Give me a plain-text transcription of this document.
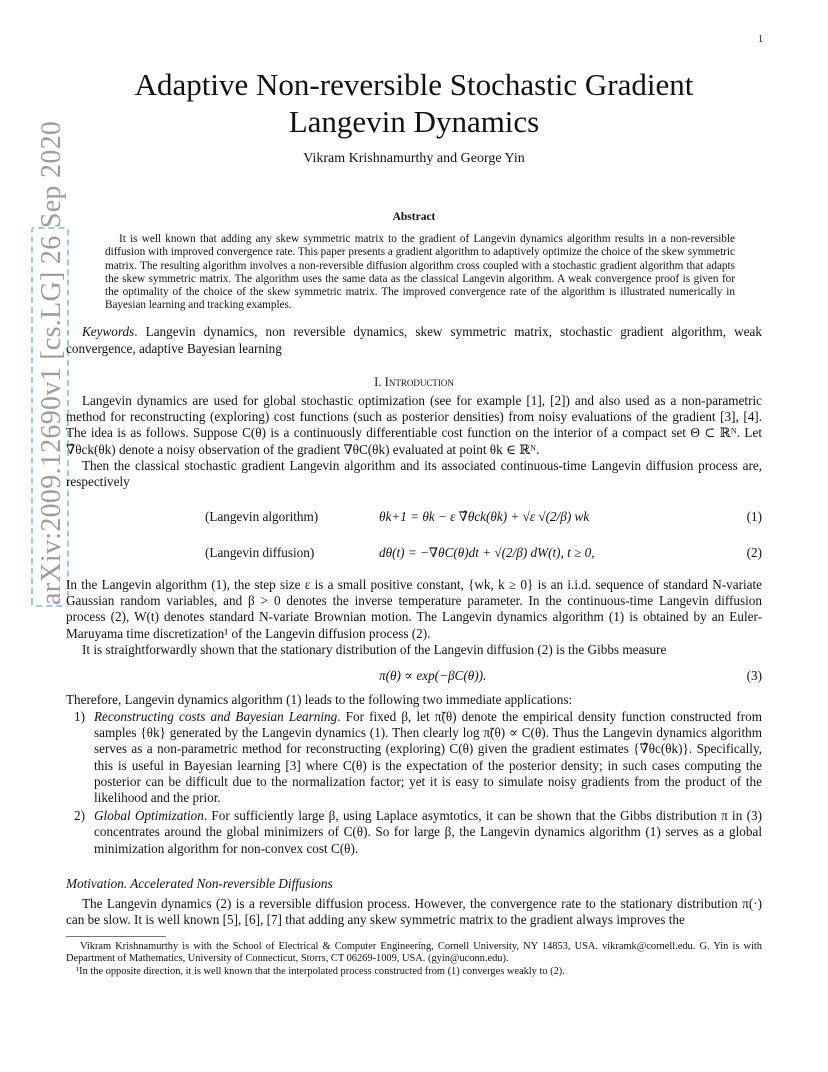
1
arXiv:2009.12690v1 [cs.LG] 26 Sep 2020
Adaptive Non-reversible Stochastic Gradient
Langevin Dynamics
Vikram Krishnamurthy and George Yin
Abstract
It is well known that adding any skew symmetric matrix to the gradient of Langevin dynamics algorithm results in a non-reversible diffusion with improved convergence rate. This paper presents a gradient algorithm to adaptively optimize the choice of the skew symmetric matrix. The resulting algorithm involves a non-reversible diffusion algorithm cross coupled with a stochastic gradient algorithm that adapts the skew symmetric matrix. The algorithm uses the same data as the classical Langevin algorithm. A weak convergence proof is given for the optimality of the choice of the skew symmetric matrix. The improved convergence rate of the algorithm is illustrated numerically in Bayesian learning and tracking examples.
Keywords. Langevin dynamics, non reversible dynamics, skew symmetric matrix, stochastic gradient algorithm, weak convergence, adaptive Bayesian learning
I. Introduction
Langevin dynamics are used for global stochastic optimization (see for example [1], [2]) and also used as a non-parametric method for reconstructing (exploring) cost functions (such as posterior densities) from noisy evaluations of the gradient [3], [4]. The idea is as follows. Suppose C(θ) is a continuously differentiable cost function on the interior of a compact set Θ ⊂ ℝᴺ. Let ∇̂θck(θk) denote a noisy observation of the gradient ∇θC(θk) evaluated at point θk ∈ ℝᴺ.
Then the classical stochastic gradient Langevin algorithm and its associated continuous-time Langevin diffusion process are, respectively
(Langevin algorithm)	θk+1 = θk − ε ∇̂θck(θk) + √ε √(2/β) wk	(1)
(Langevin diffusion)	dθ(t) = −∇θC(θ)dt + √(2/β) dW(t), t ≥ 0,	(2)
In the Langevin algorithm (1), the step size ε is a small positive constant, {wk, k ≥ 0} is an i.i.d. sequence of standard N-variate Gaussian random variables, and β > 0 denotes the inverse temperature parameter. In the continuous-time Langevin diffusion process (2), W(t) denotes standard N-variate Brownian motion. The Langevin dynamics algorithm (1) is obtained by an Euler-Maruyama time discretization¹ of the Langevin diffusion process (2).
It is straightforwardly shown that the stationary distribution of the Langevin diffusion (2) is the Gibbs measure
π(θ) ∝ exp(−βC(θ)).	(3)
Therefore, Langevin dynamics algorithm (1) leads to the following two immediate applications:
1) Reconstructing costs and Bayesian Learning. For fixed β, let π̃(θ) denote the empirical density function constructed from samples {θk} generated by the Langevin dynamics (1). Then clearly log π̃(θ) ∝ C(θ). Thus the Langevin dynamics algorithm serves as a non-parametric method for reconstructing (exploring) C(θ) given the gradient estimates {∇̂θc(θk)}. Specifically, this is useful in Bayesian learning [3] where C(θ) is the expectation of the posterior density; in such cases computing the posterior can be difficult due to the normalization factor; yet it is easy to simulate noisy gradients from the product of the likelihood and the prior.
2) Global Optimization. For sufficiently large β, using Laplace asymtotics, it can be shown that the Gibbs distribution π in (3) concentrates around the global minimizers of C(θ). So for large β, the Langevin dynamics algorithm (1) serves as a global minimization algorithm for non-convex cost C(θ).
Motivation. Accelerated Non-reversible Diffusions
The Langevin dynamics (2) is a reversible diffusion process. However, the convergence rate to the stationary distribution π(·) can be slow. It is well known [5], [6], [7] that adding any skew symmetric matrix to the gradient always improves the
Vikram Krishnamurthy is with the School of Electrical & Computer Engineering, Cornell University, NY 14853, USA. vikramk@cornell.edu. G. Yin is with Department of Mathematics, University of Connecticut, Storrs, CT 06269-1009, USA. (gyin@uconn.edu).
¹In the opposite direction, it is well known that the interpolated process constructed from (1) converges weakly to (2).
